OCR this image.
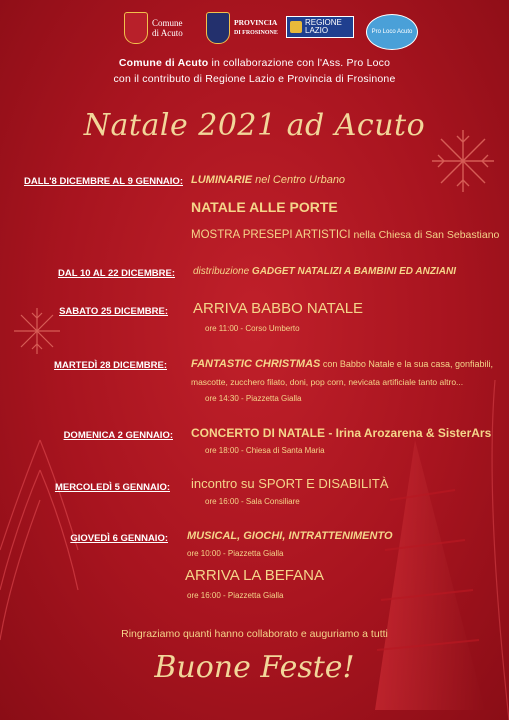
Comune
di Acuto
PROVINCIA
DI FROSINONE
REGIONE
LAZIO	Pro Loco Acuto
Comune di Acuto in collaborazione con l'Ass. Pro Loco
con il contributo di Regione Lazio e Provincia di Frosinone
Natale 2021 ad Acuto
DALL'8 DICEMBRE AL 9 GENNAIO: LUMINARIE nel Centro Urbano
NATALE ALLE PORTE
MOSTRA PRESEPI ARTISTICI nella Chiesa di San Sebastiano
DAL 10 AL 22 DICEMBRE: distribuzione GADGET NATALIZI A BAMBINI ED ANZIANI
SABATO 25 DICEMBRE: ARRIVA BABBO NATALE
ore 11:00 - Corso Umberto
MARTEDÌ 28 DICEMBRE: FANTASTIC CHRISTMAS con Babbo Natale e la sua casa, gonfiabili,
mascotte, zucchero filato, doni, pop corn, nevicata artificiale tanto altro...
ore 14:30 - Piazzetta Gialla
DOMENICA 2 GENNAIO: CONCERTO DI NATALE - Irina Arozarena & SisterArs
ore 18:00 - Chiesa di Santa Maria
MERCOLEDÌ 5 GENNAIO: incontro su SPORT E DISABILITÀ
ore 16:00 - Sala Consiliare
GIOVEDÌ 6 GENNAIO: MUSICAL, GIOCHI, INTRATTENIMENTO
ore 10:00 - Piazzetta Gialla
ARRIVA LA BEFANA
ore 16:00 - Piazzetta Gialla
Ringraziamo quanti hanno collaborato e auguriamo a tutti
Buone Feste!
